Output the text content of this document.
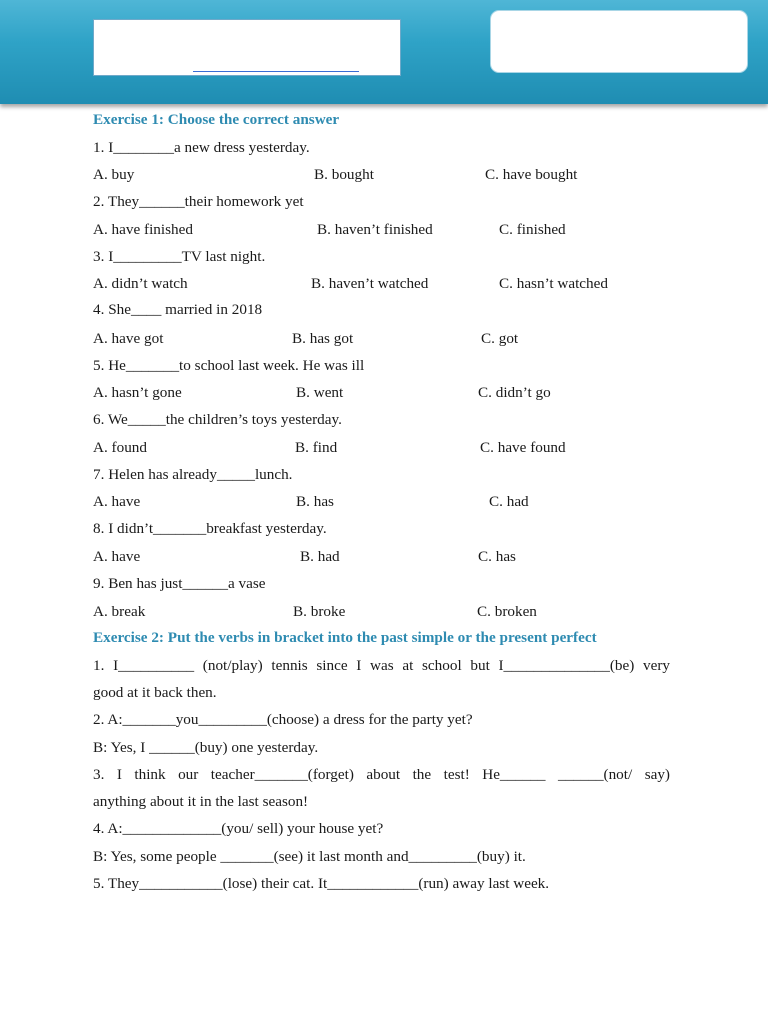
Exercise 1: Choose the correct answer
1. I________a new dress yesterday.
A. buy	B. bought	C. have bought
2. They______their homework yet
A. have finished	B. haven’t finished	C. finished
3. I_________TV last night.
A. didn’t watch	B. haven’t watched	C. hasn’t watched
4. She____ married in 2018
A. have got	B. has got	C. got
5. He_______to school last week. He was ill
A. hasn’t gone	B. went	C. didn’t go
6. We_____the children’s toys yesterday.
A. found	B. find	C. have found
7. Helen has already_____lunch.
A. have	B. has	C. had
8. I didn’t_______breakfast yesterday.
A. have	B. had	C. has
9. Ben has just______a vase
A. break	B. broke	C. broken
Exercise 2: Put the verbs in bracket into the past simple or the present perfect
1. I__________ (not/play) tennis since I was at school but I______________(be) very
good at it back then.
2. A:_______you_________(choose) a dress for the party yet?
B: Yes, I ______(buy) one yesterday.
3. I think our teacher_______(forget) about the test! He______ ______(not/ say)
anything about it in the last season!
4. A:_____________(you/ sell) your house yet?
B: Yes, some people _______(see) it last month and_________(buy) it.
5. They___________(lose) their cat. It____________(run) away last week.
